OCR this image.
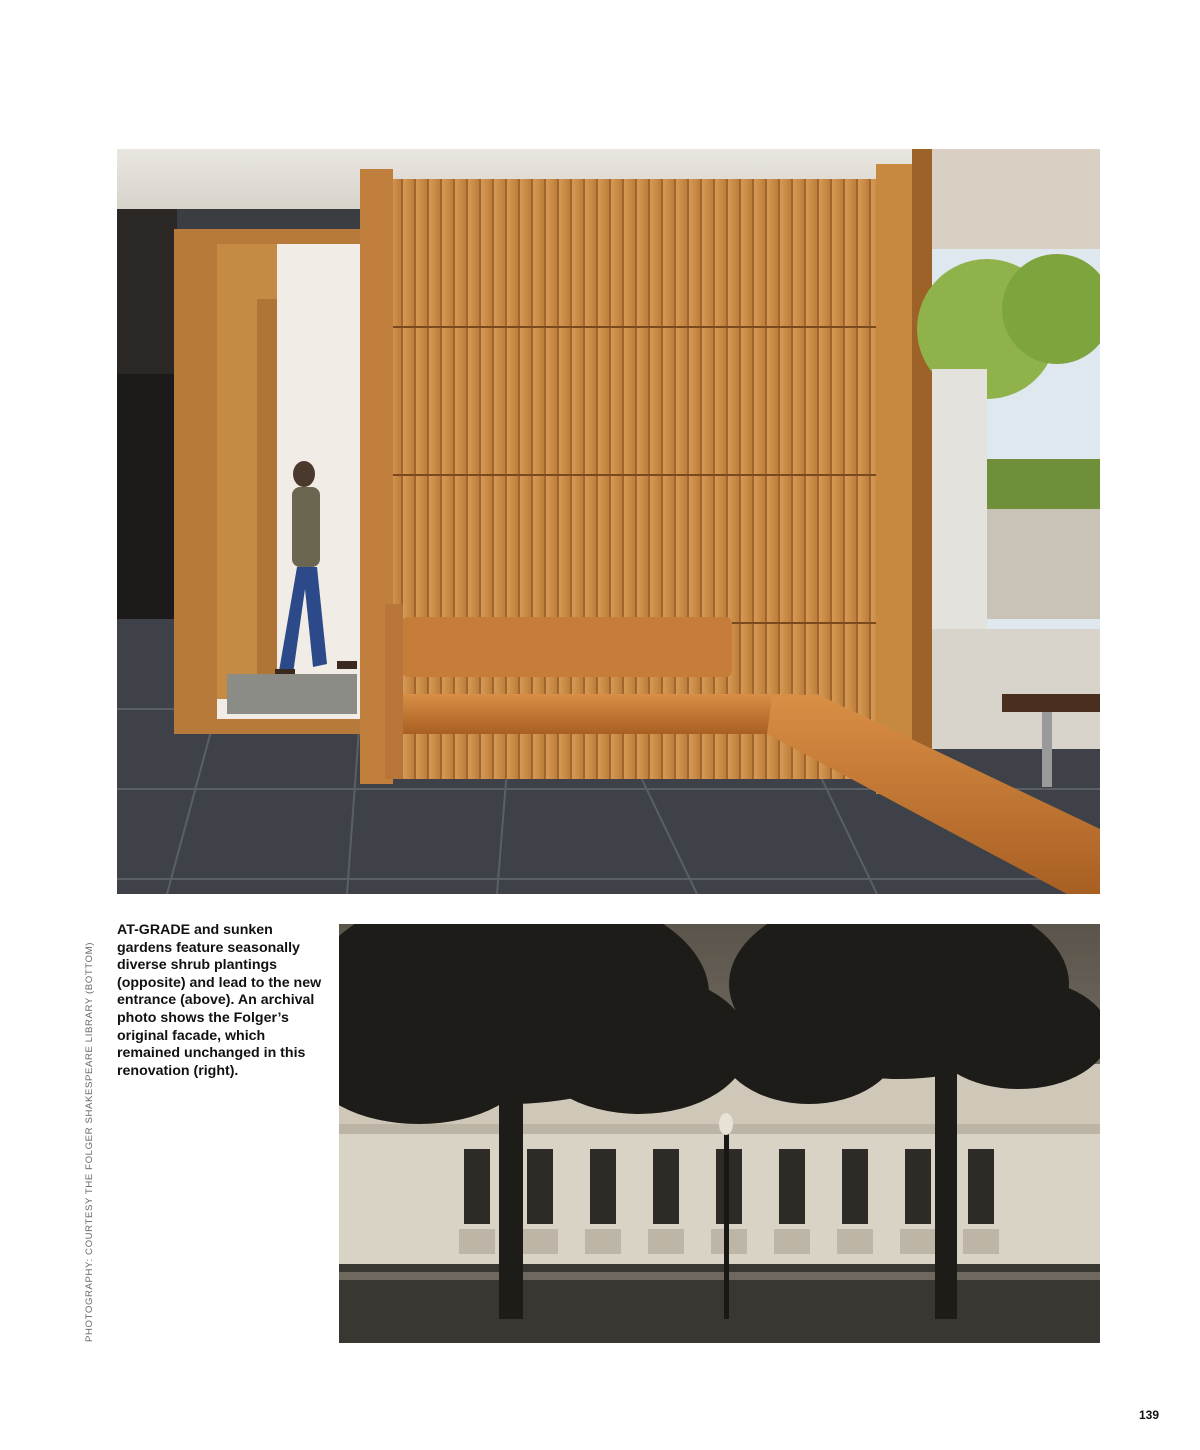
AT-GRADE and sunken gardens feature seasonally diverse shrub plantings (opposite) and lead to the new entrance (above). An archival photo shows the Folger’s original facade, which remained unchanged in this renovation (right).
PHOTOGRAPHY: COURTESY THE FOLGER SHAKESPEARE LIBRARY (BOTTOM)
139
